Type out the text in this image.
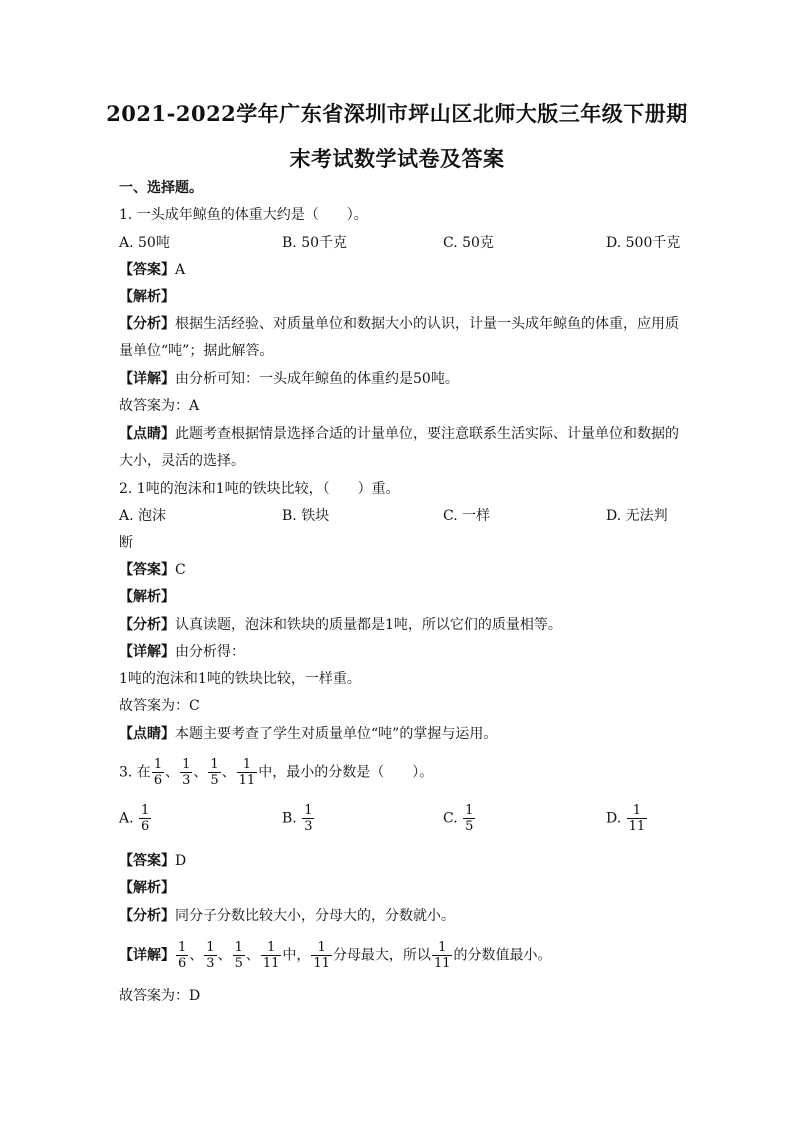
2021-2022学年广东省深圳市坪山区北师大版三年级下册期
末考试数学试卷及答案
一、选择题。
1. 一头成年鲸鱼的体重大约是（　　）。
A. 50吨	B. 50千克	C. 50克	D. 500千克
【答案】A
【解析】
【分析】根据生活经验、对质量单位和数据大小的认识，计量一头成年鲸鱼的体重，应用质
量单位“吨”；据此解答。
【详解】由分析可知：一头成年鲸鱼的体重约是50吨。
故答案为：A
【点睛】此题考查根据情景选择合适的计量单位，要注意联系生活实际、计量单位和数据的
大小，灵活的选择。
2. 1吨的泡沫和1吨的铁块比较，（　　）重。
A. 泡沫	B. 铁块	C. 一样	D. 无法判
断
【答案】C
【解析】
【分析】认真读题，泡沫和铁块的质量都是1吨，所以它们的质量相等。
【详解】由分析得：
1吨的泡沫和1吨的铁块比较，一样重。
故答案为：C
【点睛】本题主要考查了学生对质量单位“吨”的掌握与运用。
3. 在 $\frac{1}{6}$ 、 $\frac{1}{3}$ 、 $\frac{1}{5}$ 、 $\frac{1}{11}$ 中，最小的分数是（　　）。
A. $\frac{1}{6}$	B. $\frac{1}{3}$	C. $\frac{1}{5}$	D. $\frac{1}{11}$
【答案】D
【解析】
【分析】同分子分数比较大小，分母大的，分数就小。
【详解】 $\frac{1}{6}$ 、 $\frac{1}{3}$ 、 $\frac{1}{5}$ 、 $\frac{1}{11}$ 中， $\frac{1}{11}$ 分母最大，所以 $\frac{1}{11}$ 的分数值最小。
故答案为：D
